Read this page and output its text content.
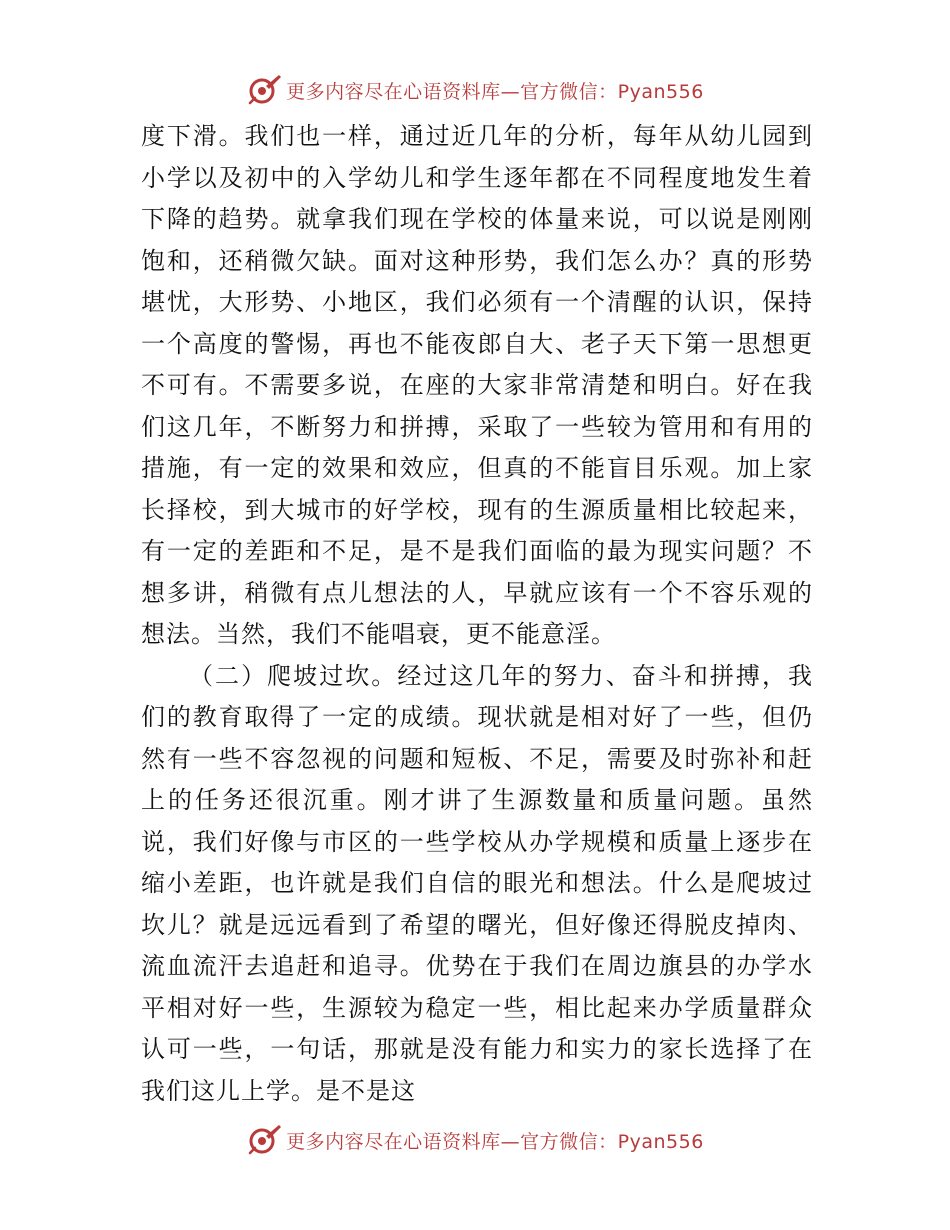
更多内容尽在心语资料库—官方微信：Pyan556

度下滑。我们也一样，通过近几年的分析，每年从幼儿园到小学以及初中的入学幼儿和学生逐年都在不同程度地发生着下降的趋势。就拿我们现在学校的体量来说，可以说是刚刚饱和，还稍微欠缺。面对这种形势，我们怎么办？真的形势堪忧，大形势、小地区，我们必须有一个清醒的认识，保持一个高度的警惕，再也不能夜郎自大、老子天下第一思想更不可有。不需要多说，在座的大家非常清楚和明白。好在我们这几年，不断努力和拼搏，采取了一些较为管用和有用的措施，有一定的效果和效应，但真的不能盲目乐观。加上家长择校，到大城市的好学校，现有的生源质量相比较起来，有一定的差距和不足，是不是我们面临的最为现实问题？不想多讲，稍微有点儿想法的人，早就应该有一个不容乐观的想法。当然，我们不能唱衰，更不能意淫。

（二）爬坡过坎。经过这几年的努力、奋斗和拼搏，我们的教育取得了一定的成绩。现状就是相对好了一些，但仍然有一些不容忽视的问题和短板、不足，需要及时弥补和赶上的任务还很沉重。刚才讲了生源数量和质量问题。虽然说，我们好像与市区的一些学校从办学规模和质量上逐步在缩小差距，也许就是我们自信的眼光和想法。什么是爬坡过坎儿？就是远远看到了希望的曙光，但好像还得脱皮掉肉、流血流汗去追赶和追寻。优势在于我们在周边旗县的办学水平相对好一些，生源较为稳定一些，相比起来办学质量群众认可一些，一句话，那就是没有能力和实力的家长选择了在我们这儿上学。是不是这

更多内容尽在心语资料库—官方微信：Pyan556
